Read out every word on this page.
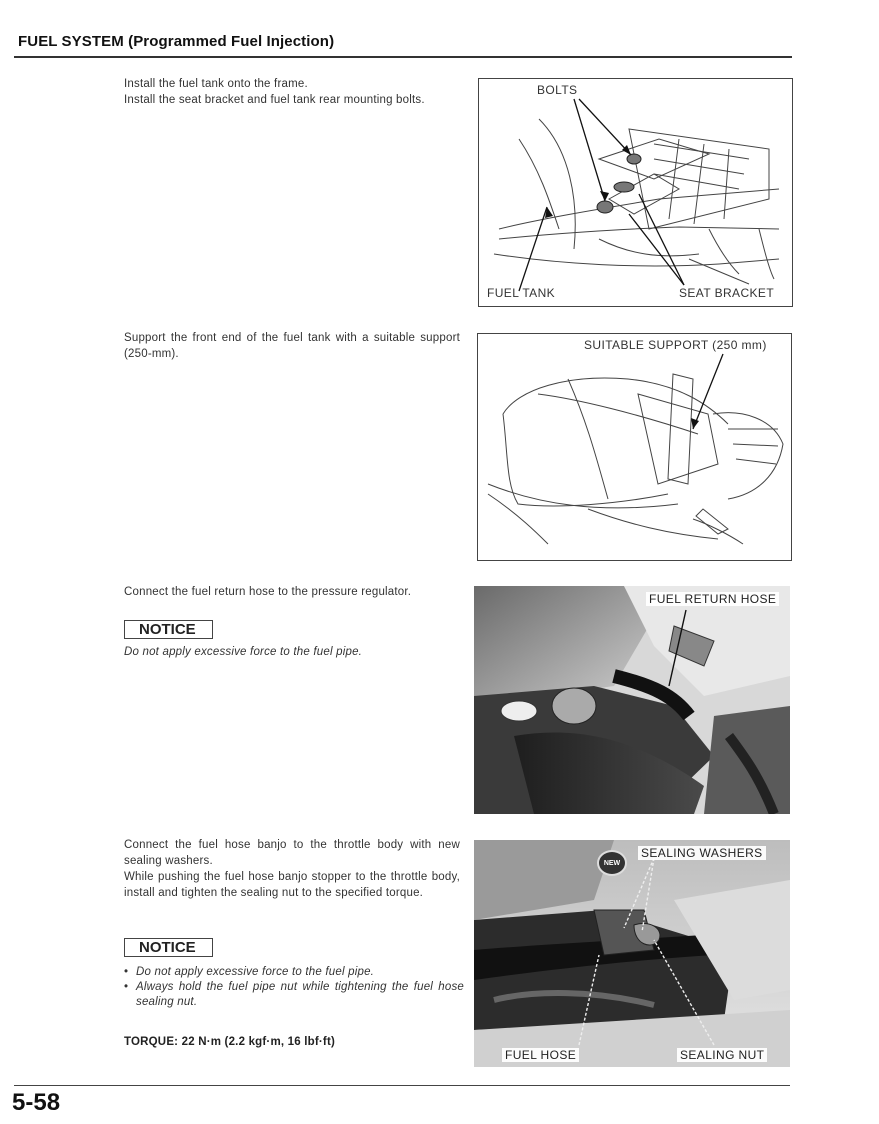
FUEL SYSTEM (Programmed Fuel Injection)

Install the fuel tank onto the frame.

Install the seat bracket and fuel tank rear mounting bolts.

BOLTS
FUEL TANK	SEAT BRACKET

Support the front end of the fuel tank with a suitable support (250-mm).

SUITABLE SUPPORT (250 mm)

Connect the fuel return hose to the pressure regulator.

NOTICE
Do not apply excessive force to the fuel pipe.
FUEL RETURN HOSE

Connect the fuel hose banjo to the throttle body with new sealing washers.

While pushing the fuel hose banjo stopper to the throttle body, install and tighten the sealing nut to the specified torque.

NOTICE
• Do not apply excessive force to the fuel pipe.
• Always hold the fuel pipe nut while tightening the fuel hose sealing nut.
TORQUE: 22 N·m (2.2 kgf·m, 16 lbf·ft)
NEW
SEALING WASHERS
FUEL HOSE	SEALING NUT
5-58
